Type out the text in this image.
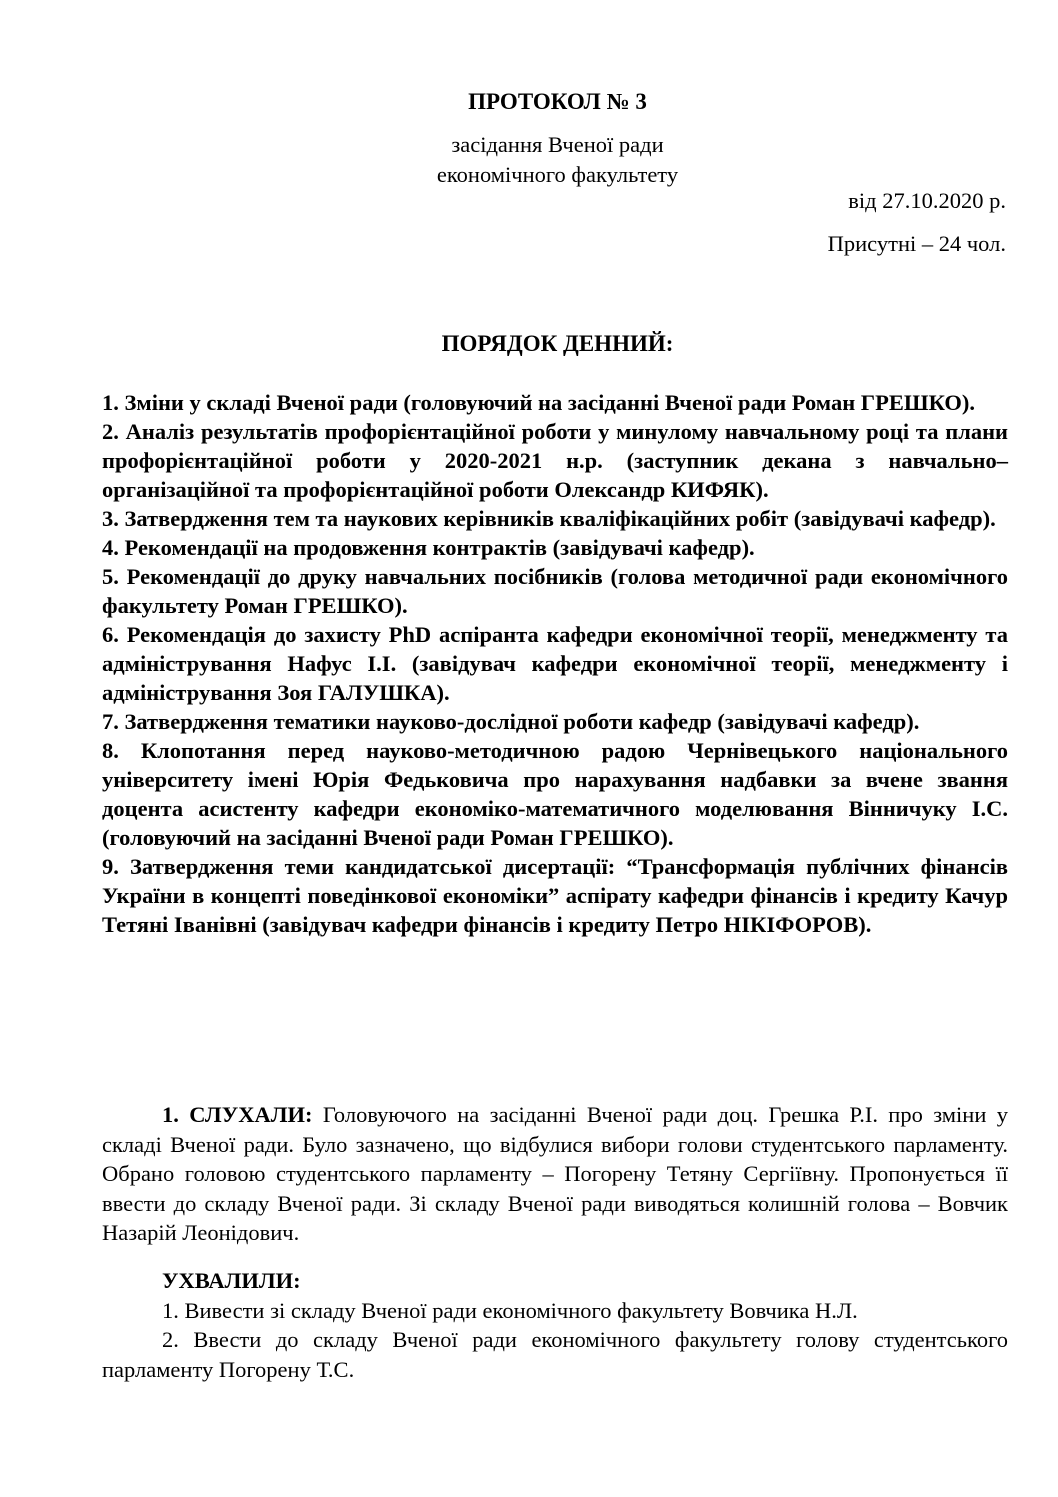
ПРОТОКОЛ № 3
засідання Вченої ради
економічного факультету
від 27.10.2020 р.
Присутні – 24 чол.
ПОРЯДОК ДЕННИЙ:

1. Зміни у складі Вченої ради (головуючий на засіданні Вченої ради Роман ГРЕШКО).

2. Аналіз результатів профорієнтаційної роботи у минулому навчальному році та плани профорієнтаційної роботи у 2020-2021 н.р. (заступник декана з навчально–організаційної та профорієнтаційної роботи Олександр КИФЯК).

3. Затвердження тем та наукових керівників кваліфікаційних робіт (завідувачі кафедр).

4. Рекомендації на продовження контрактів (завідувачі кафедр).

5. Рекомендації до друку навчальних посібників (голова методичної ради економічного факультету Роман ГРЕШКО).

6. Рекомендація до захисту PhD аспіранта кафедри економічної теорії, менеджменту та адміністрування Нафус І.І. (завідувач кафедри економічної теорії, менеджменту і адміністрування Зоя ГАЛУШКА).

7. Затвердження тематики науково-дослідної роботи кафедр (завідувачі кафедр).

8. Клопотання перед науково-методичною радою Чернівецького національного університету імені Юрія Федьковича про нарахування надбавки за вчене звання доцента асистенту кафедри економіко-математичного моделювання Вінничуку І.С. (головуючий на засіданні Вченої ради Роман ГРЕШКО).

9. Затвердження теми кандидатської дисертації: “Трансформація публічних фінансів України в концепті поведінкової економіки” аспірату кафедри фінансів і кредиту Качур Тетяні Іванівні (завідувач кафедри фінансів і кредиту Петро НІКІФОРОВ).

1. СЛУХАЛИ: Головуючого на засіданні Вченої ради доц. Грешка Р.І. про зміни у складі Вченої ради. Було зазначено, що відбулися вибори голови студентського парламенту. Обрано головою студентського парламенту – Погорену Тетяну Сергіївну. Пропонується її ввести до складу Вченої ради. Зі складу Вченої ради виводяться колишній голова – Вовчик Назарій Леонідович.

УХВАЛИЛИ:

1. Вивести зі складу Вченої ради економічного факультету Вовчика Н.Л.

2. Ввести до складу Вченої ради економічного факультету голову студентського парламенту Погорену Т.С.
